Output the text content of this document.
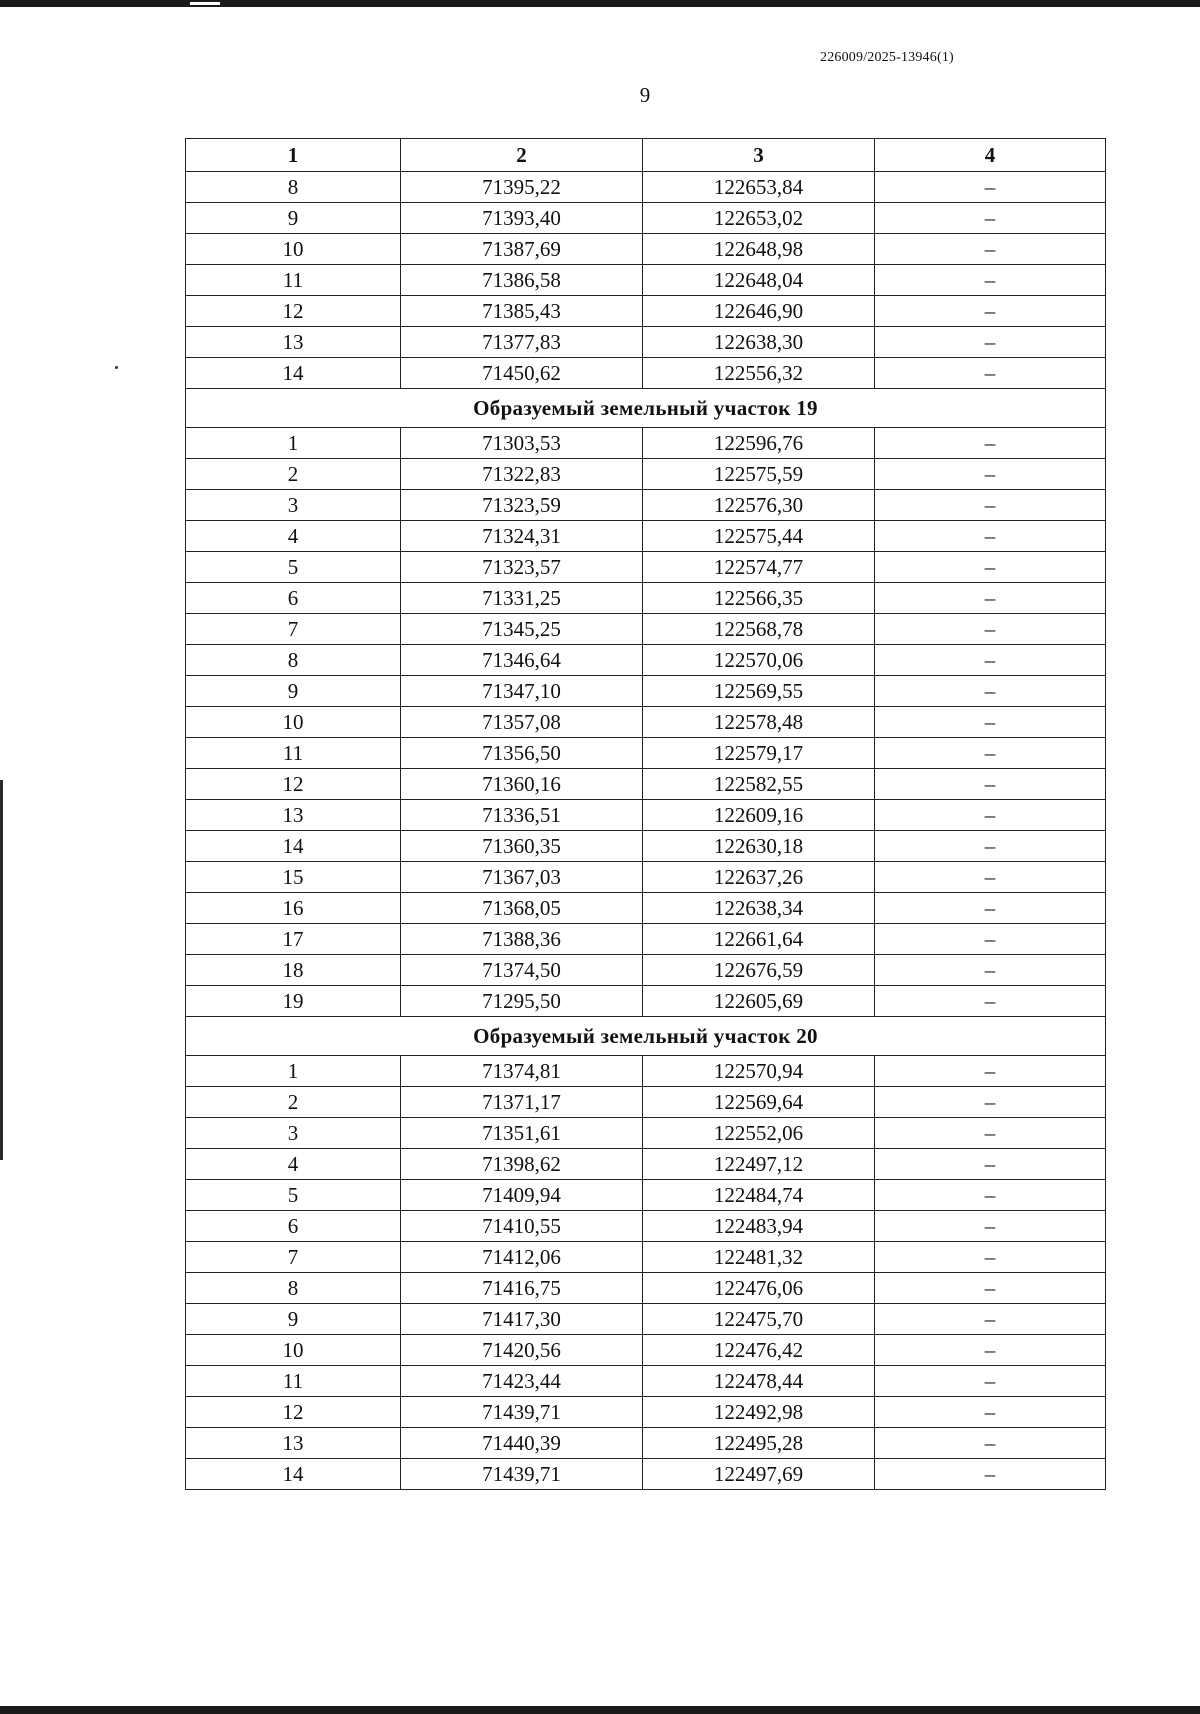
226009/2025-13946(1)
9
1	2	3	4
8	71395,22	122653,84	–
9	71393,40	122653,02	–
10	71387,69	122648,98	–
11	71386,58	122648,04	–
12	71385,43	122646,90	–
13	71377,83	122638,30	–
14	71450,62	122556,32	–
Образуемый земельный участок 19			
1	71303,53	122596,76	–
2	71322,83	122575,59	–
3	71323,59	122576,30	–
4	71324,31	122575,44	–
5	71323,57	122574,77	–
6	71331,25	122566,35	–
7	71345,25	122568,78	–
8	71346,64	122570,06	–
9	71347,10	122569,55	–
10	71357,08	122578,48	–
11	71356,50	122579,17	–
12	71360,16	122582,55	–
13	71336,51	122609,16	–
14	71360,35	122630,18	–
15	71367,03	122637,26	–
16	71368,05	122638,34	–
17	71388,36	122661,64	–
18	71374,50	122676,59	–
19	71295,50	122605,69	–
Образуемый земельный участок 20			
1	71374,81	122570,94	–
2	71371,17	122569,64	–
3	71351,61	122552,06	–
4	71398,62	122497,12	–
5	71409,94	122484,74	–
6	71410,55	122483,94	–
7	71412,06	122481,32	–
8	71416,75	122476,06	–
9	71417,30	122475,70	–
10	71420,56	122476,42	–
11	71423,44	122478,44	–
12	71439,71	122492,98	–
13	71440,39	122495,28	–
14	71439,71	122497,69	–
